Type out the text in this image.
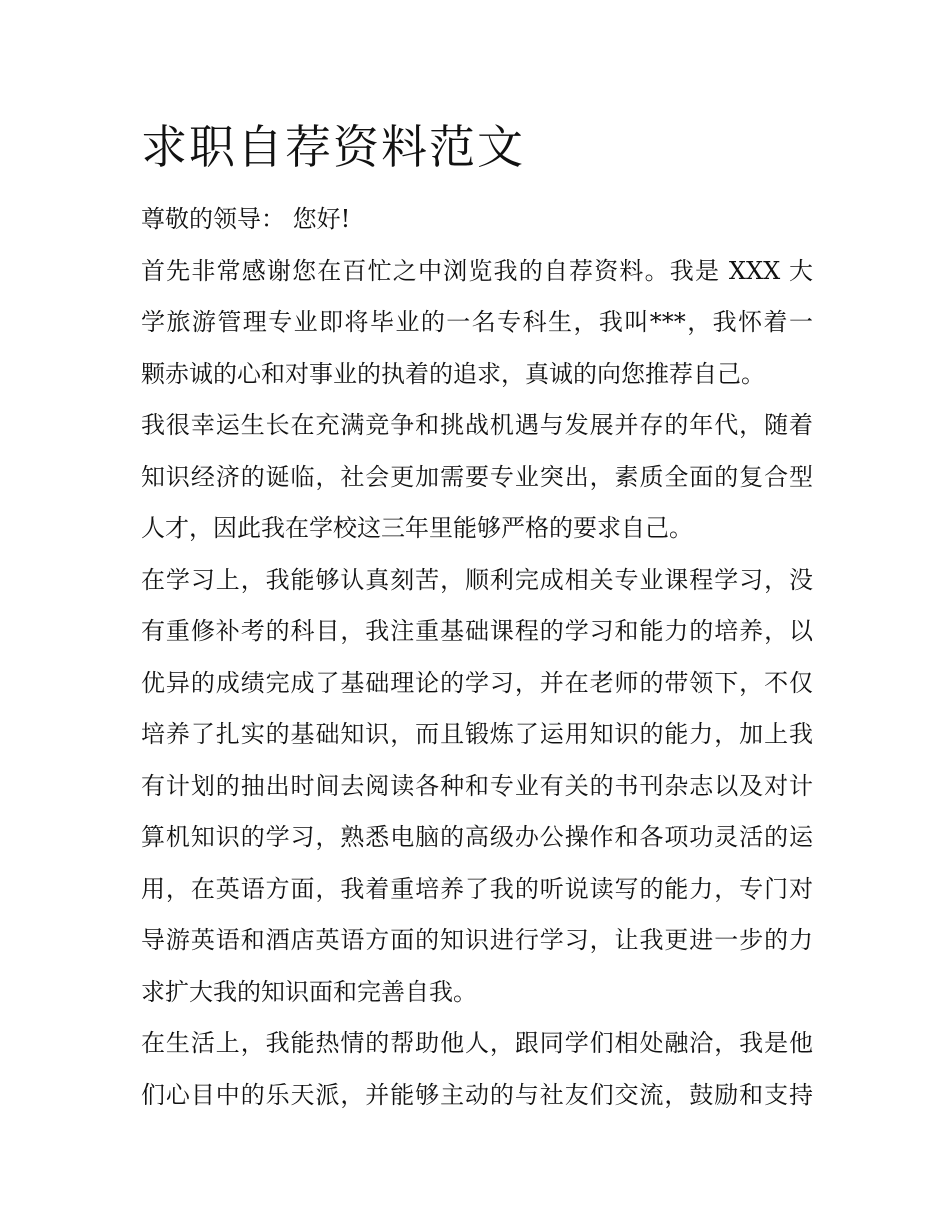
求职自荐资料范文

尊敬的领导： 您好!

首先非常感谢您在百忙之中浏览我的自荐资料。我是 XXX 大
学旅游管理专业即将毕业的一名专科生，我叫***，我怀着一
颗赤诚的心和对事业的执着的追求，真诚的向您推荐自己。

我很幸运生长在充满竞争和挑战机遇与发展并存的年代，随着
知识经济的诞临，社会更加需要专业突出，素质全面的复合型
人才，因此我在学校这三年里能够严格的要求自己。

在学习上，我能够认真刻苦，顺利完成相关专业课程学习，没
有重修补考的科目，我注重基础课程的学习和能力的培养，以
优异的成绩完成了基础理论的学习，并在老师的带领下，不仅
培养了扎实的基础知识，而且锻炼了运用知识的能力，加上我
有计划的抽出时间去阅读各种和专业有关的书刊杂志以及对计
算机知识的学习，熟悉电脑的高级办公操作和各项功灵活的运
用，在英语方面，我着重培养了我的听说读写的能力，专门对
导游英语和酒店英语方面的知识进行学习，让我更进一步的力
求扩大我的知识面和完善自我。

在生活上，我能热情的帮助他人，跟同学们相处融洽，我是他
们心目中的乐天派，并能够主动的与社友们交流，鼓励和支持
